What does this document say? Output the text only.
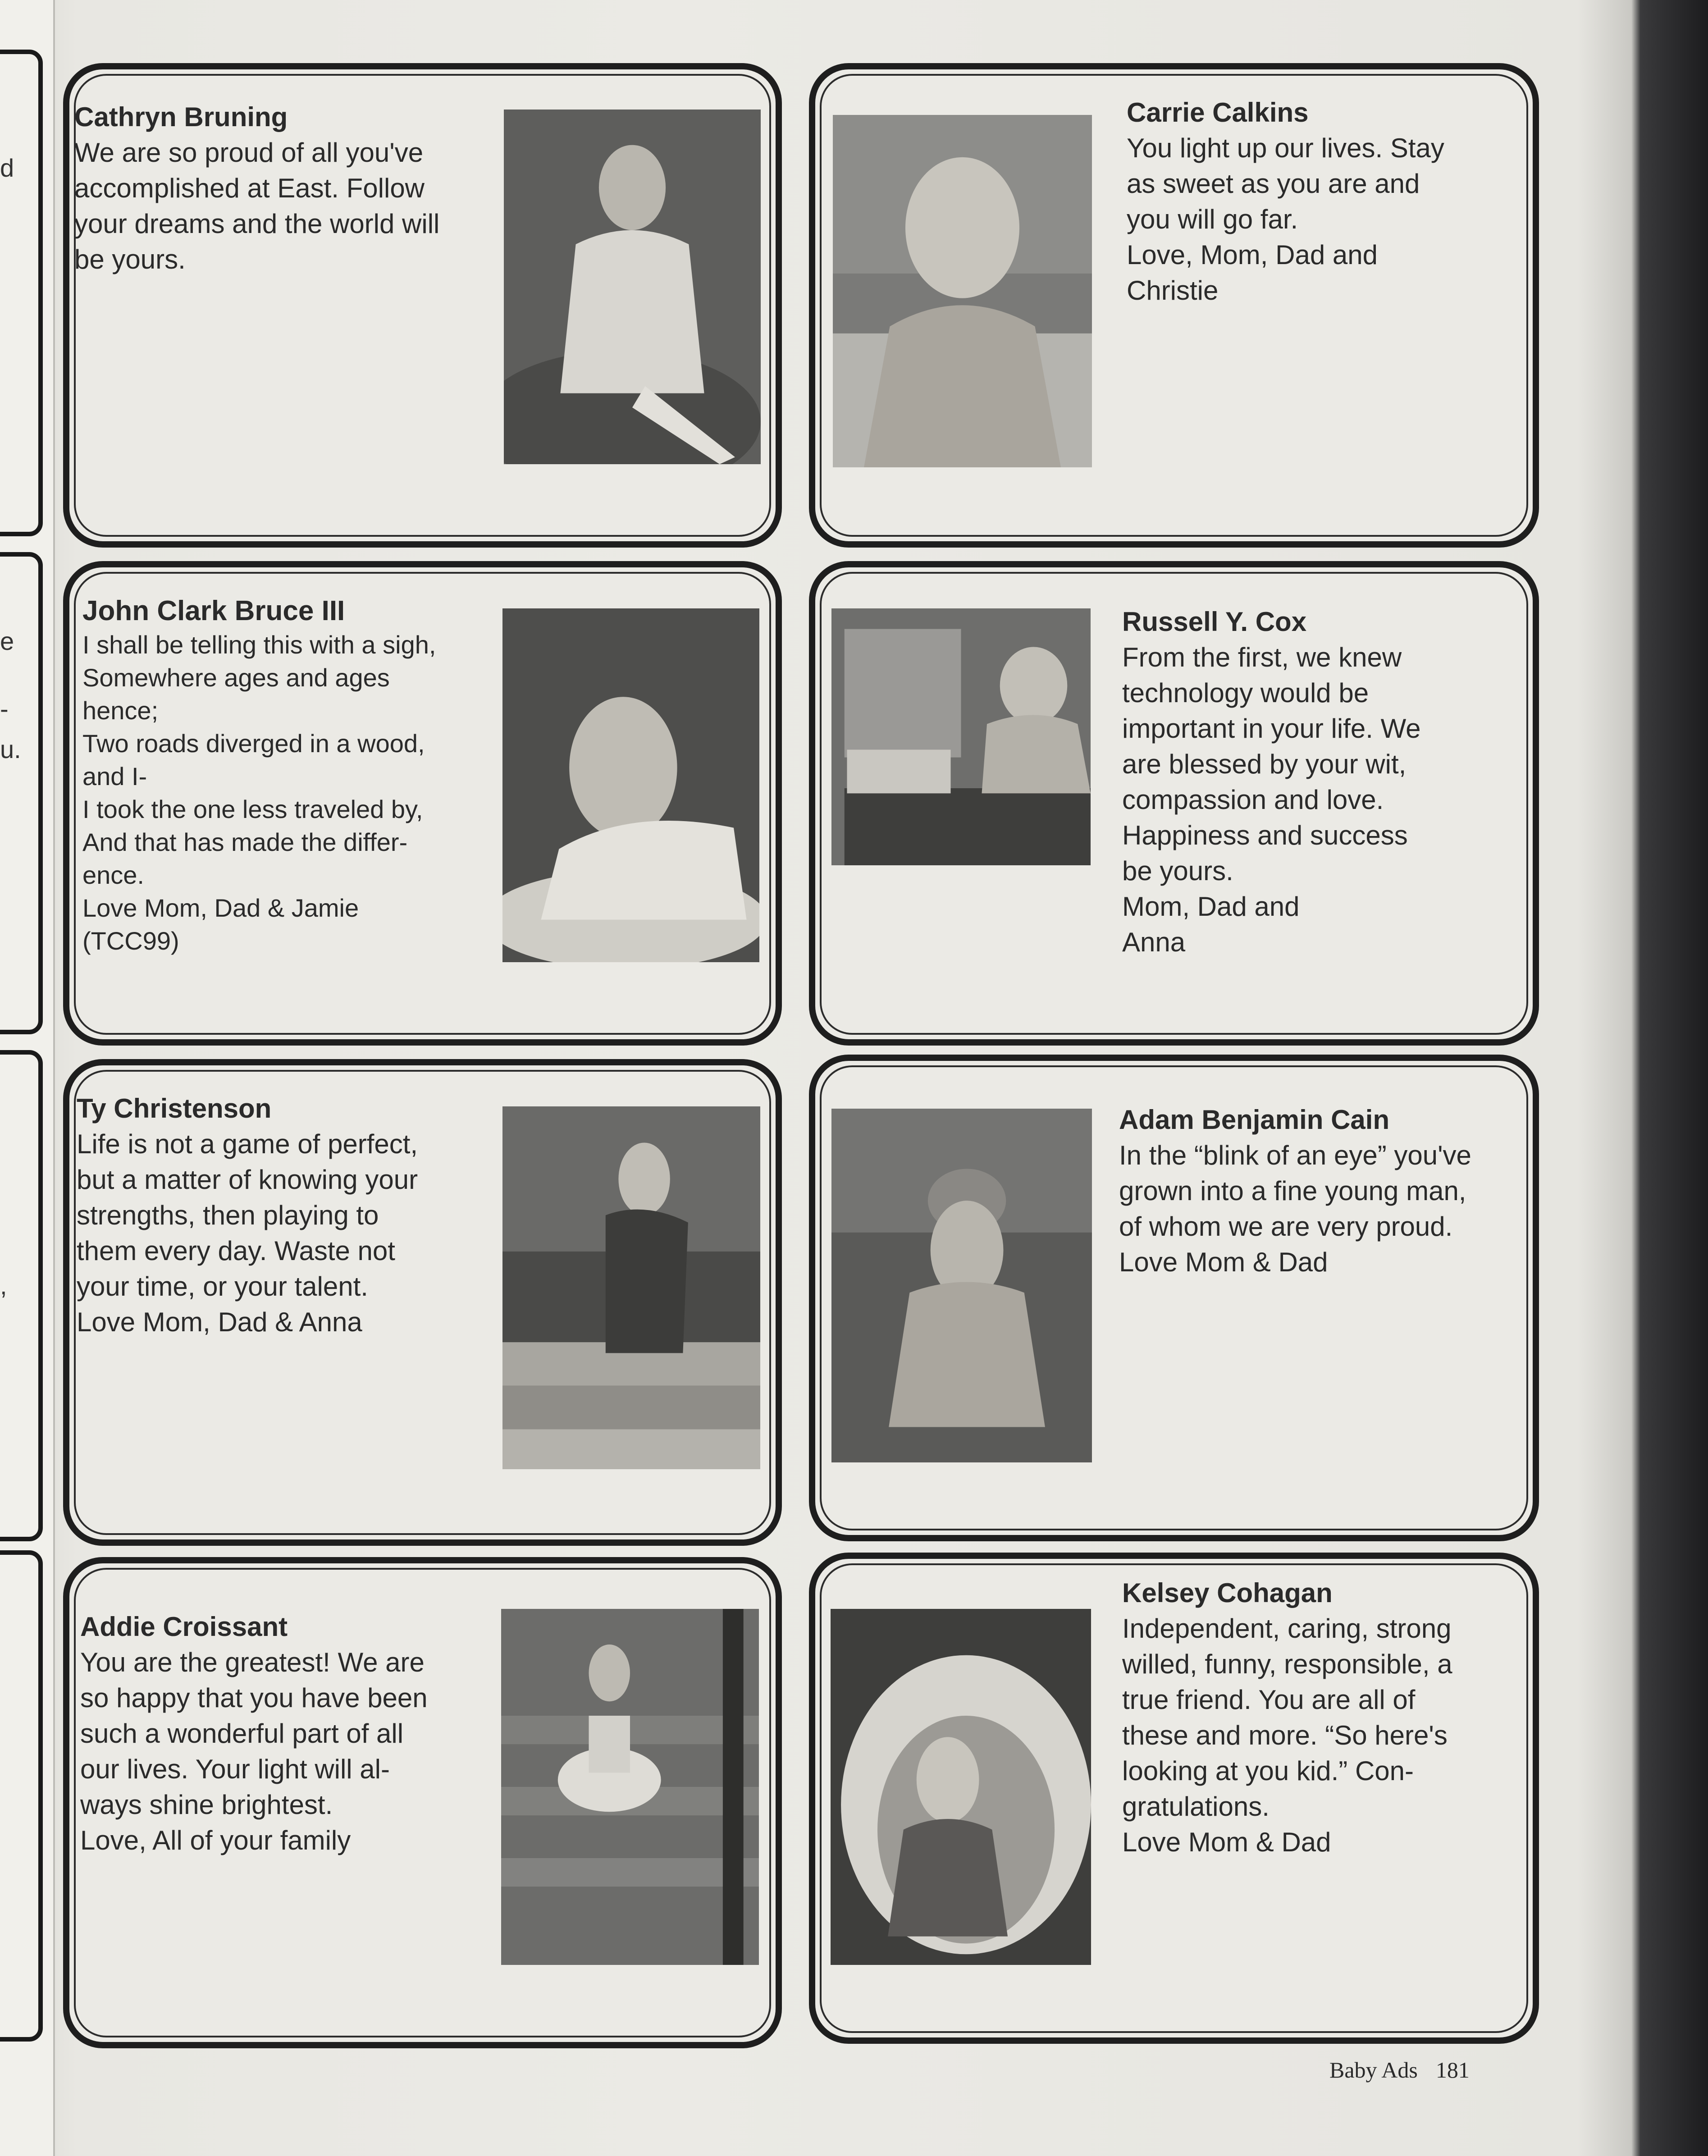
d
e
-
u.
,
Cathryn Bruning
We are so proud of all you've
accomplished at East. Follow
your dreams and the world will
be yours.
Carrie Calkins
You light up our lives. Stay
as sweet as you are and
you will go far.
Love, Mom, Dad and
Christie
John Clark Bruce III
I shall be telling this with a sigh,
Somewhere ages and ages
hence;
Two roads diverged in a wood,
and I-
I took the one less traveled by,
And that has made the differ-
ence.
Love Mom, Dad & Jamie
(TCC99)
Russell Y. Cox
From the first, we knew
technology would be
important in your life. We
are blessed by your wit,
compassion and love.
Happiness and success
be yours.
Mom, Dad and
Anna
Ty Christenson
Life is not a game of perfect,
but a matter of knowing your
strengths, then playing to
them every day. Waste not
your time, or your talent.
Love Mom, Dad & Anna
Adam Benjamin Cain
In the “blink of an eye” you've
grown into a fine young man,
of whom we are very proud.
Love Mom & Dad
Addie Croissant
You are the greatest! We are
so happy that you have been
such a wonderful part of all
our lives. Your light will al-
ways shine brightest.
Love, All of your family
Kelsey Cohagan
Independent, caring, strong
willed, funny, responsible, a
true friend. You are all of
these and more. “So here's
looking at you kid.” Con-
gratulations.
Love Mom & Dad
Baby Ads 181
